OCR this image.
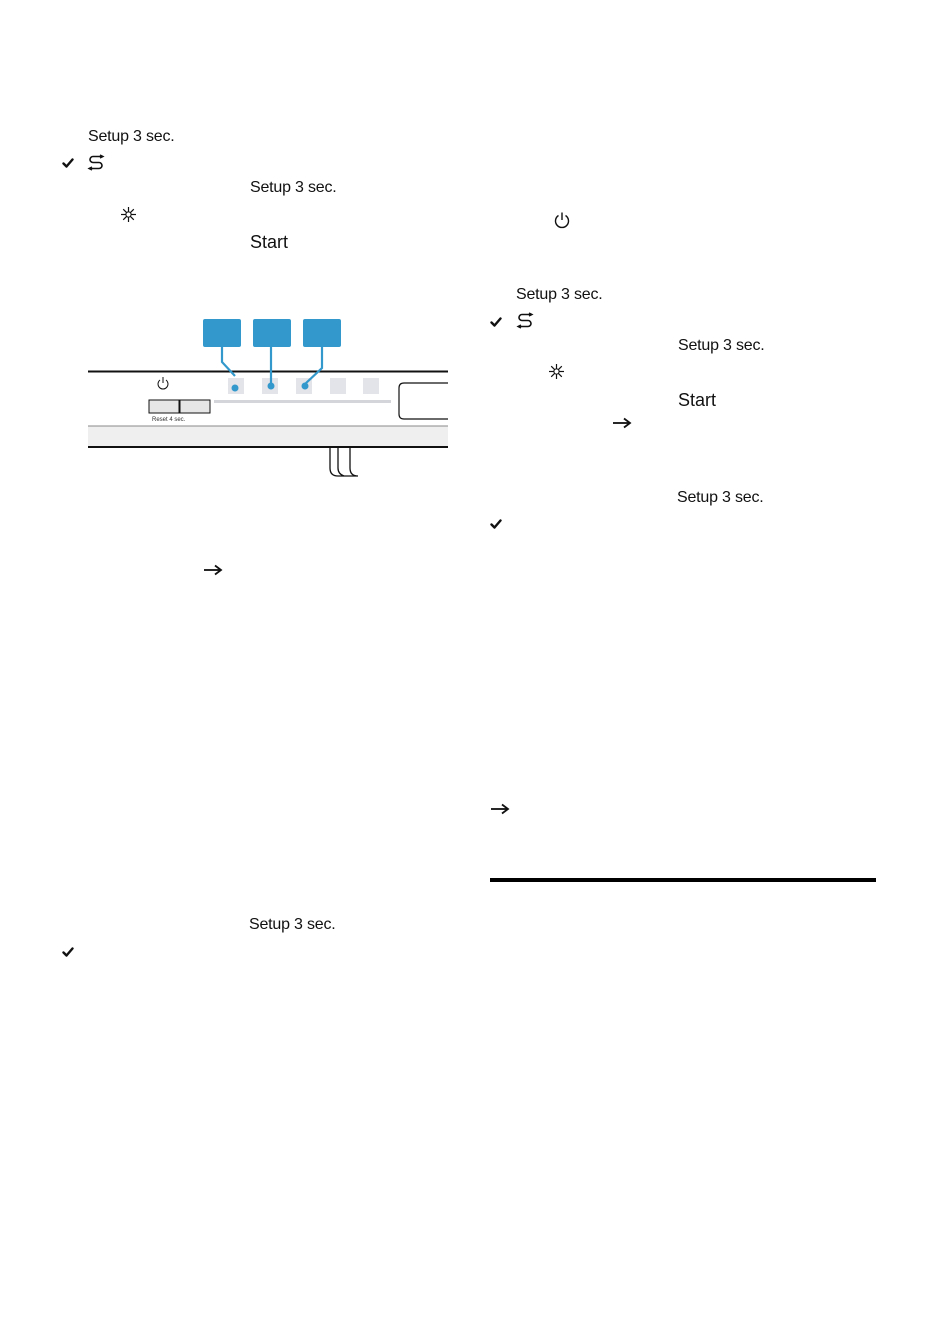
Setup 3 sec.
Setup 3 sec.
Start
Reset 4 sec.
Setup 3 sec.
Setup 3 sec.
Setup 3 sec.
Start
Setup 3 sec.
